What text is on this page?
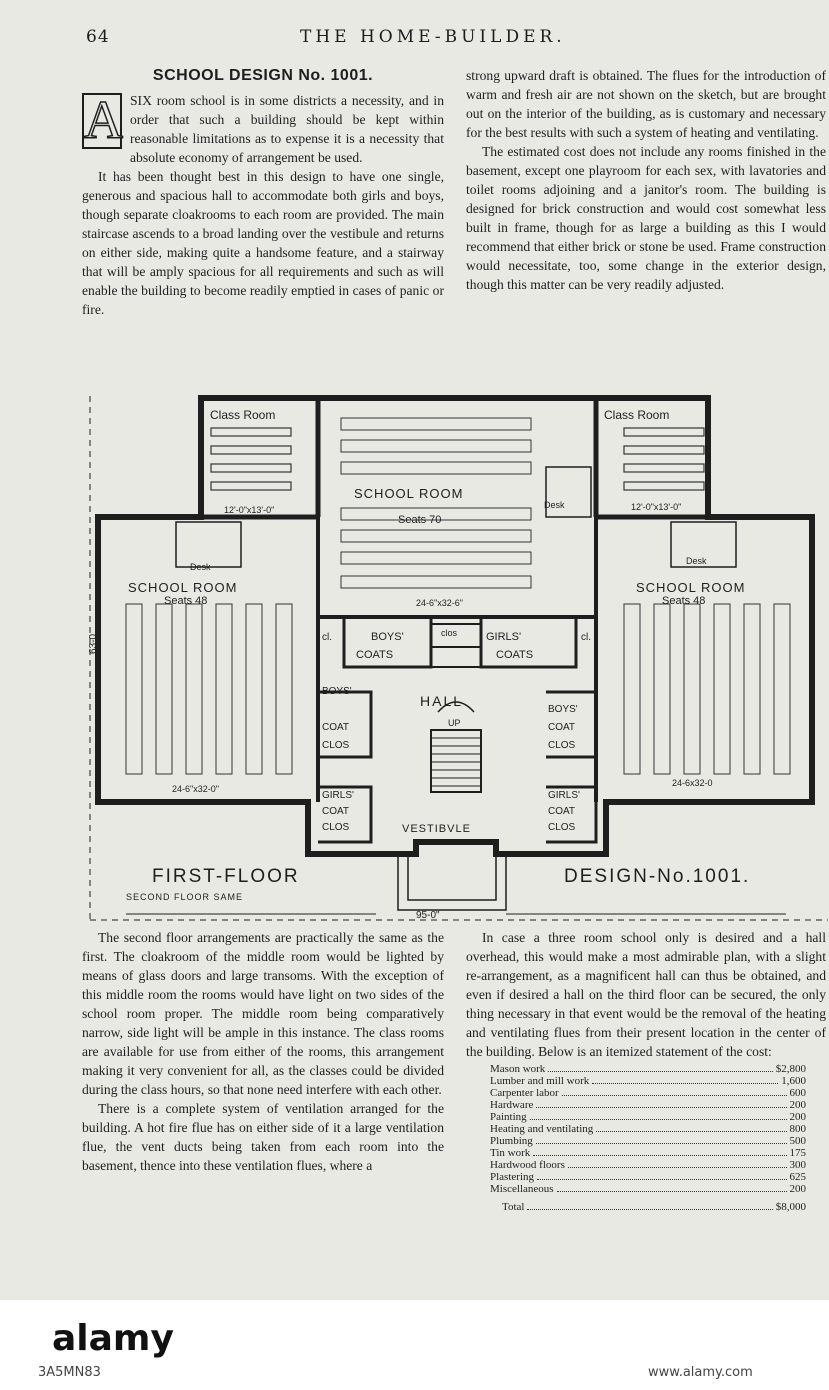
64	THE HOME-BUILDER.
SCHOOL DESIGN No. 1001.

A SIX room school is in some districts a necessity, and in order that such a building should be kept within reasonable limitations as to expense it is a necessity that absolute economy of arrangement be used.

It has been thought best in this design to have one single, generous and spacious hall to accommodate both girls and boys, though separate cloakrooms to each room are provided. The main staircase ascends to a broad landing over the vestibule and returns on either side, making quite a handsome feature, and a stairway that will be amply spacious for all requirements and such as will enable the building to become readily emptied in cases of panic or fire.

strong upward draft is obtained. The flues for the introduction of warm and fresh air are not shown on the sketch, but are brought out on the interior of the building, as is customary and necessary for the best results with such a system of heating and ventilating.

The estimated cost does not include any rooms finished in the basement, except one playroom for each sex, with lavatories and toilet rooms adjoining and a janitor's room. The building is designed for brick construction and would cost somewhat less built in frame, though for as large a building as this I would recommend that either brick or stone be used. Frame construction would necessitate, too, some change in the exterior design, though this matter can be very readily adjusted.

Class Room	Class Room
12'-0"x13'-0"	12'-0"x13'-0"
SCHOOL ROOM
Seats 70
24-6"x32-6"
SCHOOL ROOM
Seats 48
24-6"x32-0"
SCHOOL ROOM
Seats 48
24-6x32-0
Desk
Desk
Desk
cl.	cl.
clos
BOYS'
COATS
GIRLS'
COATS
BOYS'
COAT
CLOS
BOYS'
COAT
CLOS
GIRLS'
COAT
CLOS
GIRLS'
COAT
CLOS
HALL
UP
VESTIBVLE
FIRST-FLOOR
SECOND FLOOR SAME
DESIGN-No.1001.
63-0
95-0"

The second floor arrangements are practically the same as the first. The cloakroom of the middle room would be lighted by means of glass doors and large transoms. With the exception of this middle room the rooms would have light on two sides of the school room proper. The middle room being comparatively narrow, side light will be ample in this instance. The class rooms are available for use from either of the rooms, this arrangement making it very convenient for all, as the classes could be divided during the class hours, so that none need interfere with each other.

There is a complete system of ventilation arranged for the building. A hot fire flue has on either side of it a large ventilation flue, the vent ducts being taken from each room into the basement, thence into these ventilation flues, where a

In case a three room school only is desired and a hall overhead, this would make a most admirable plan, with a slight re-arrangement, as a magnificent hall can thus be obtained, and even if desired a hall on the third floor can be secured, the only thing necessary in that event would be the removal of the heating and ventilating flues from their present location in the center of the building. Below is an itemized statement of the cost:

Mason work	$2,800
Lumber and mill work	1,600
Carpenter labor	600
Hardware	200
Painting	200
Heating and ventilating	800
Plumbing	500
Tin work	175
Hardwood floors	300
Plastering	625
Miscellaneous	200
Total	$8,000
alamy
3A5MN83	www.alamy.com
